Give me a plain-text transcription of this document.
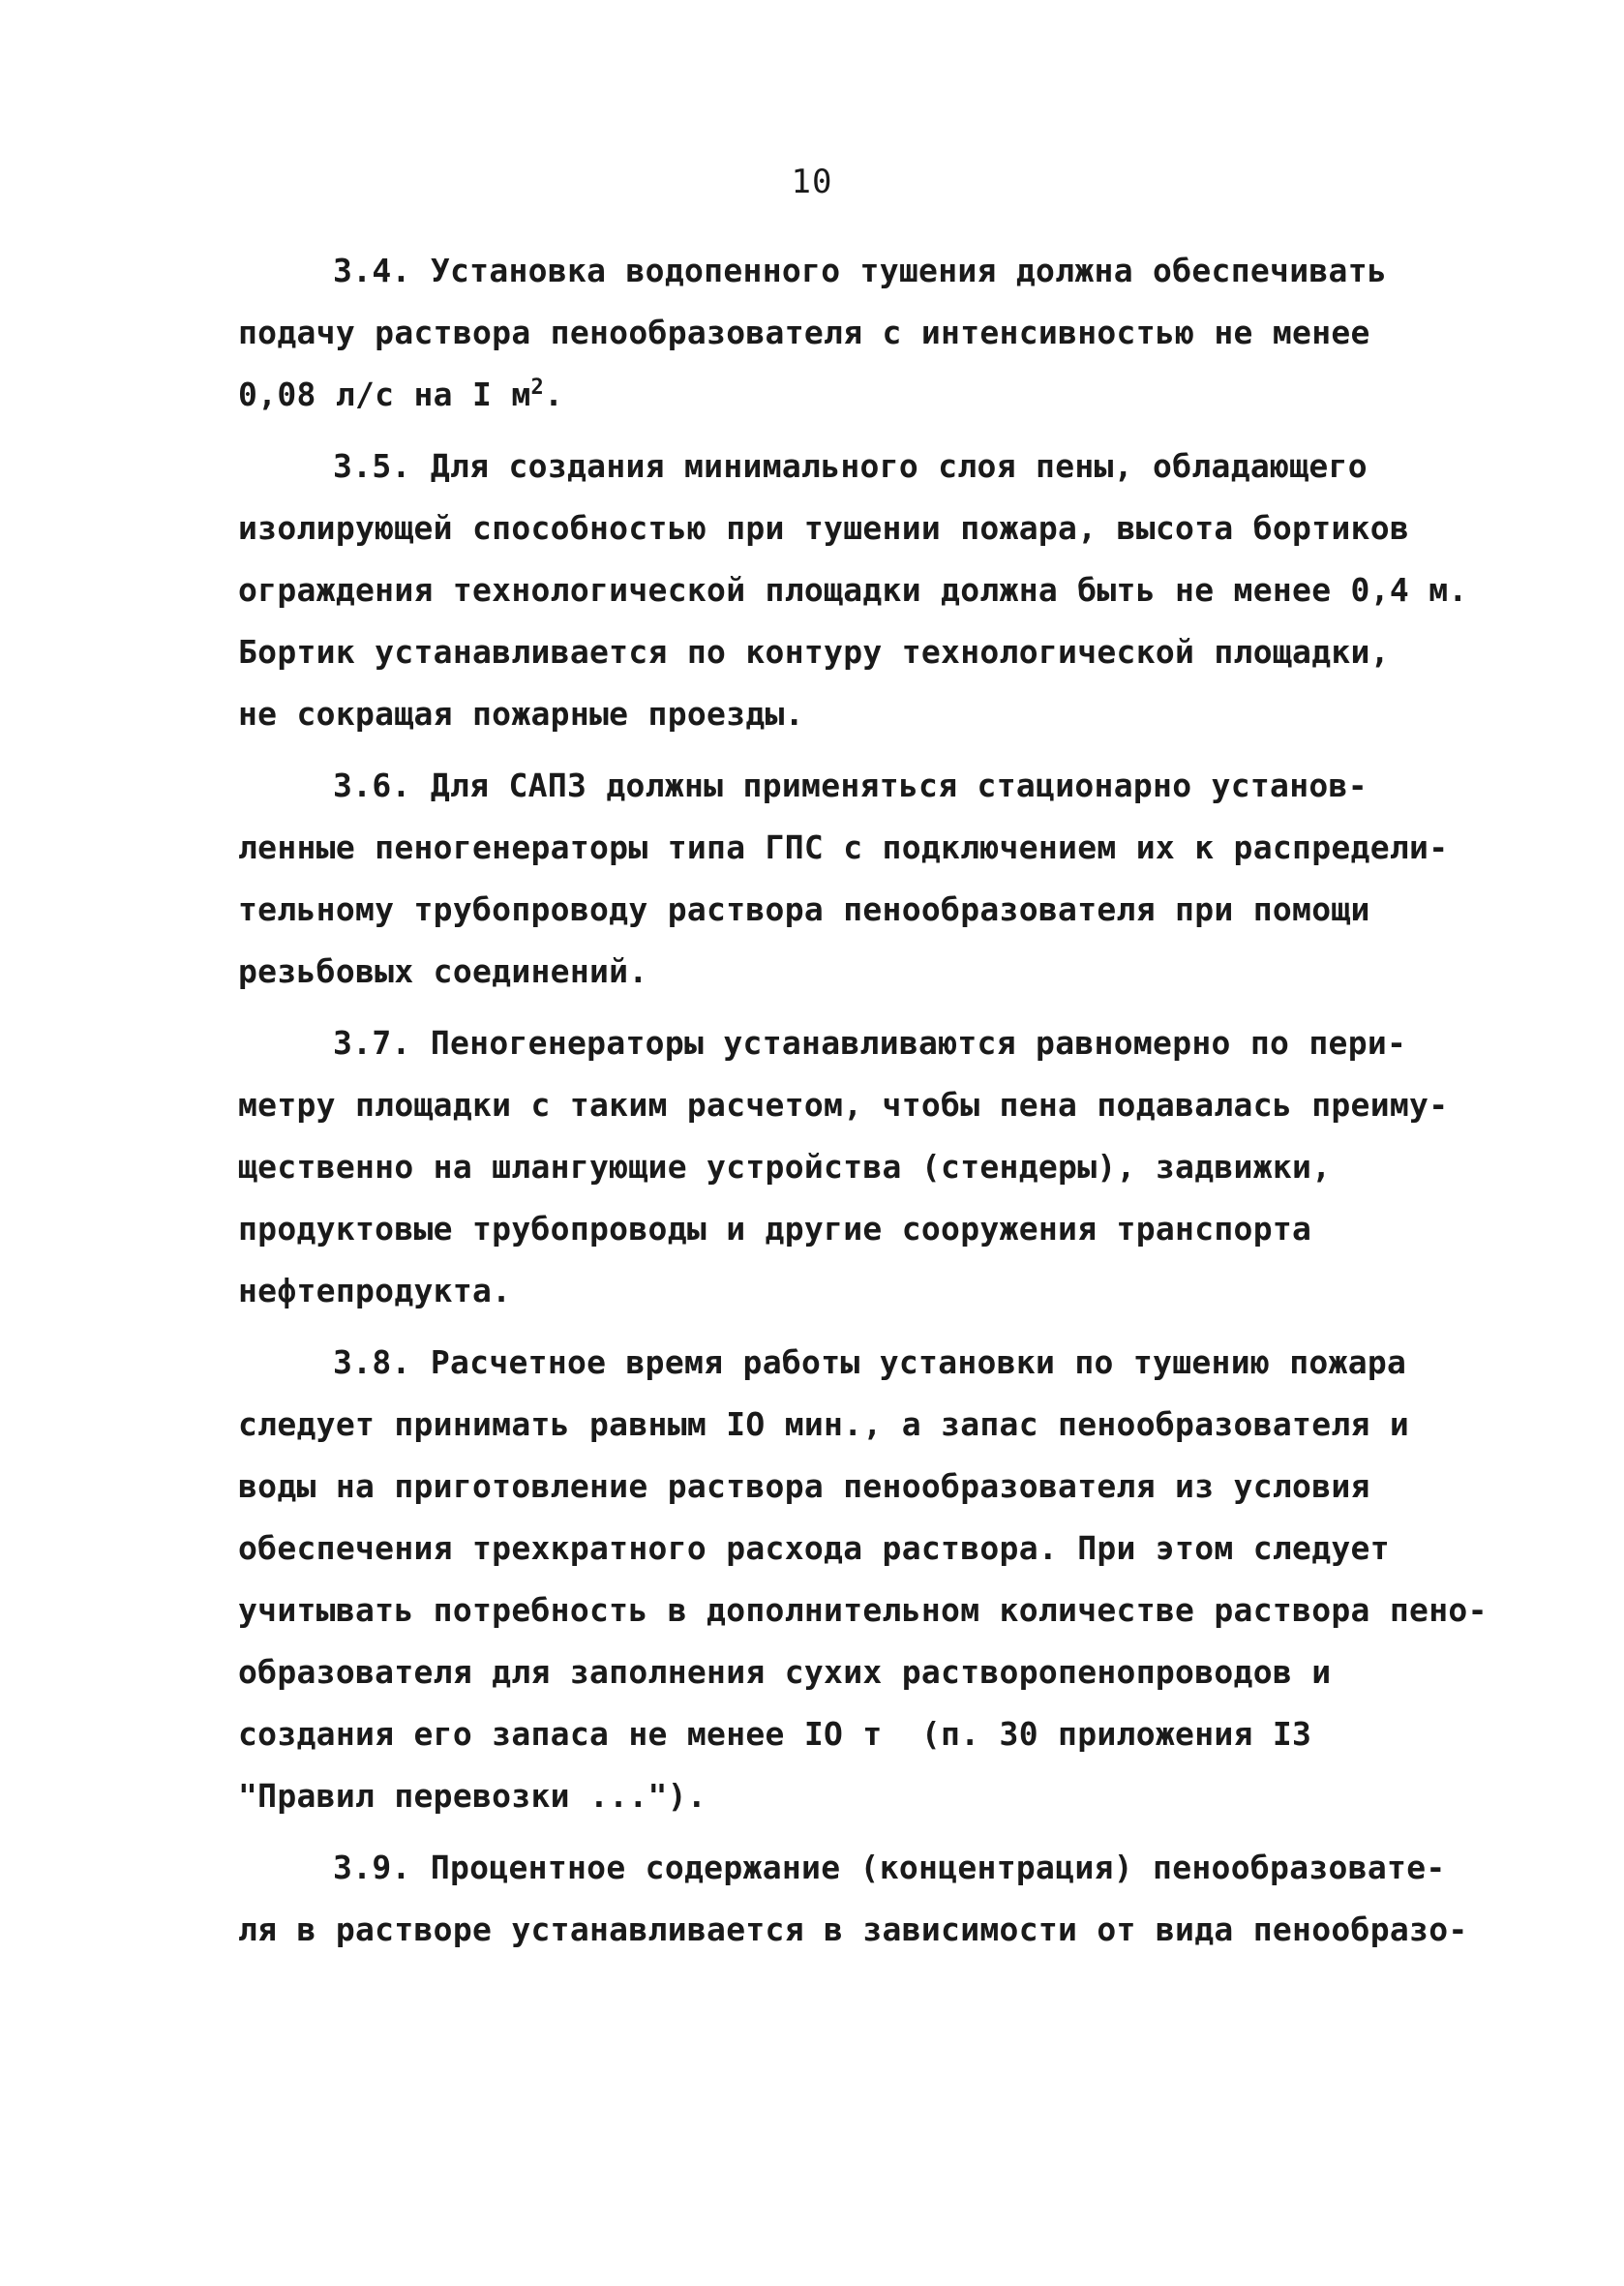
10
3.4. Установка водопенного тушения должна обеспечивать
подачу раствора пенообразователя с интенсивностью не менее
0,08 л/с на I $м^2$.
3.5. Для создания минимального слоя пены, обладающего
изолирующей способностью при тушении пожара, высота бортиков
ограждения технологической площадки должна быть не менее 0,4 м.
Бортик устанавливается по контуру технологической площадки,
не сокращая пожарные проезды.
3.6. Для САПЗ должны применяться стационарно установ-
ленные пеногенераторы типа ГПС с подключением их к распредели-
тельному трубопроводу раствора пенообразователя при помощи
резьбовых соединений.
3.7. Пеногенераторы устанавливаются равномерно по пери-
метру площадки с таким расчетом, чтобы пена подавалась преиму-
щественно на шлангующие устройства (стендеры), задвижки,
продуктовые трубопроводы и другие сооружения транспорта
нефтепродукта.
3.8. Расчетное время работы установки по тушению пожара
следует принимать равным IO мин., а запас пенообразователя и
воды на приготовление раствора пенообразователя из условия
обеспечения трехкратного расхода раствора. При этом следует
учитывать потребность в дополнительном количестве раствора пено-
образователя для заполнения сухих растворопенопроводов и
создания его запаса не менее IO т  (п. 30 приложения I3
"Правил перевозки ...").
3.9. Процентное содержание (концентрация) пенообразовате-
ля в растворе устанавливается в зависимости от вида пенообразо-
